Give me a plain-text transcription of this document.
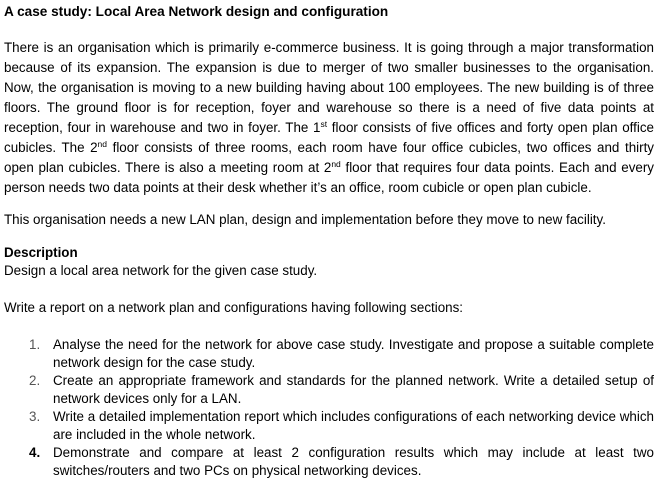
A case study: Local Area Network design and configuration

There is an organisation which is primarily e-commerce business. It is going through a major transformation because of its expansion. The expansion is due to merger of two smaller businesses to the organisation. Now, the organisation is moving to a new building having about 100 employees. The new building is of three floors. The ground floor is for reception, foyer and warehouse so there is a need of five data points at reception, four in warehouse and two in foyer. The 1st floor consists of five offices and forty open plan office cubicles. The 2nd floor consists of three rooms, each room have four office cubicles, two offices and thirty open plan cubicles. There is also a meeting room at 2nd floor that requires four data points. Each and every person needs two data points at their desk whether it’s an office, room cubicle or open plan cubicle.

This organisation needs a new LAN plan, design and implementation before they move to new facility.

Description
Design a local area network for the given case study.

Write a report on a network plan and configurations having following sections:

1. Analyse the need for the network for above case study. Investigate and propose a suitable complete network design for the case study.
2. Create an appropriate framework and standards for the planned network. Write a detailed setup of network devices only for a LAN.
3. Write a detailed implementation report which includes configurations of each networking device which are included in the whole network.
4. Demonstrate and compare at least 2 configuration results which may include at least two switches/routers and two PCs on physical networking devices.
